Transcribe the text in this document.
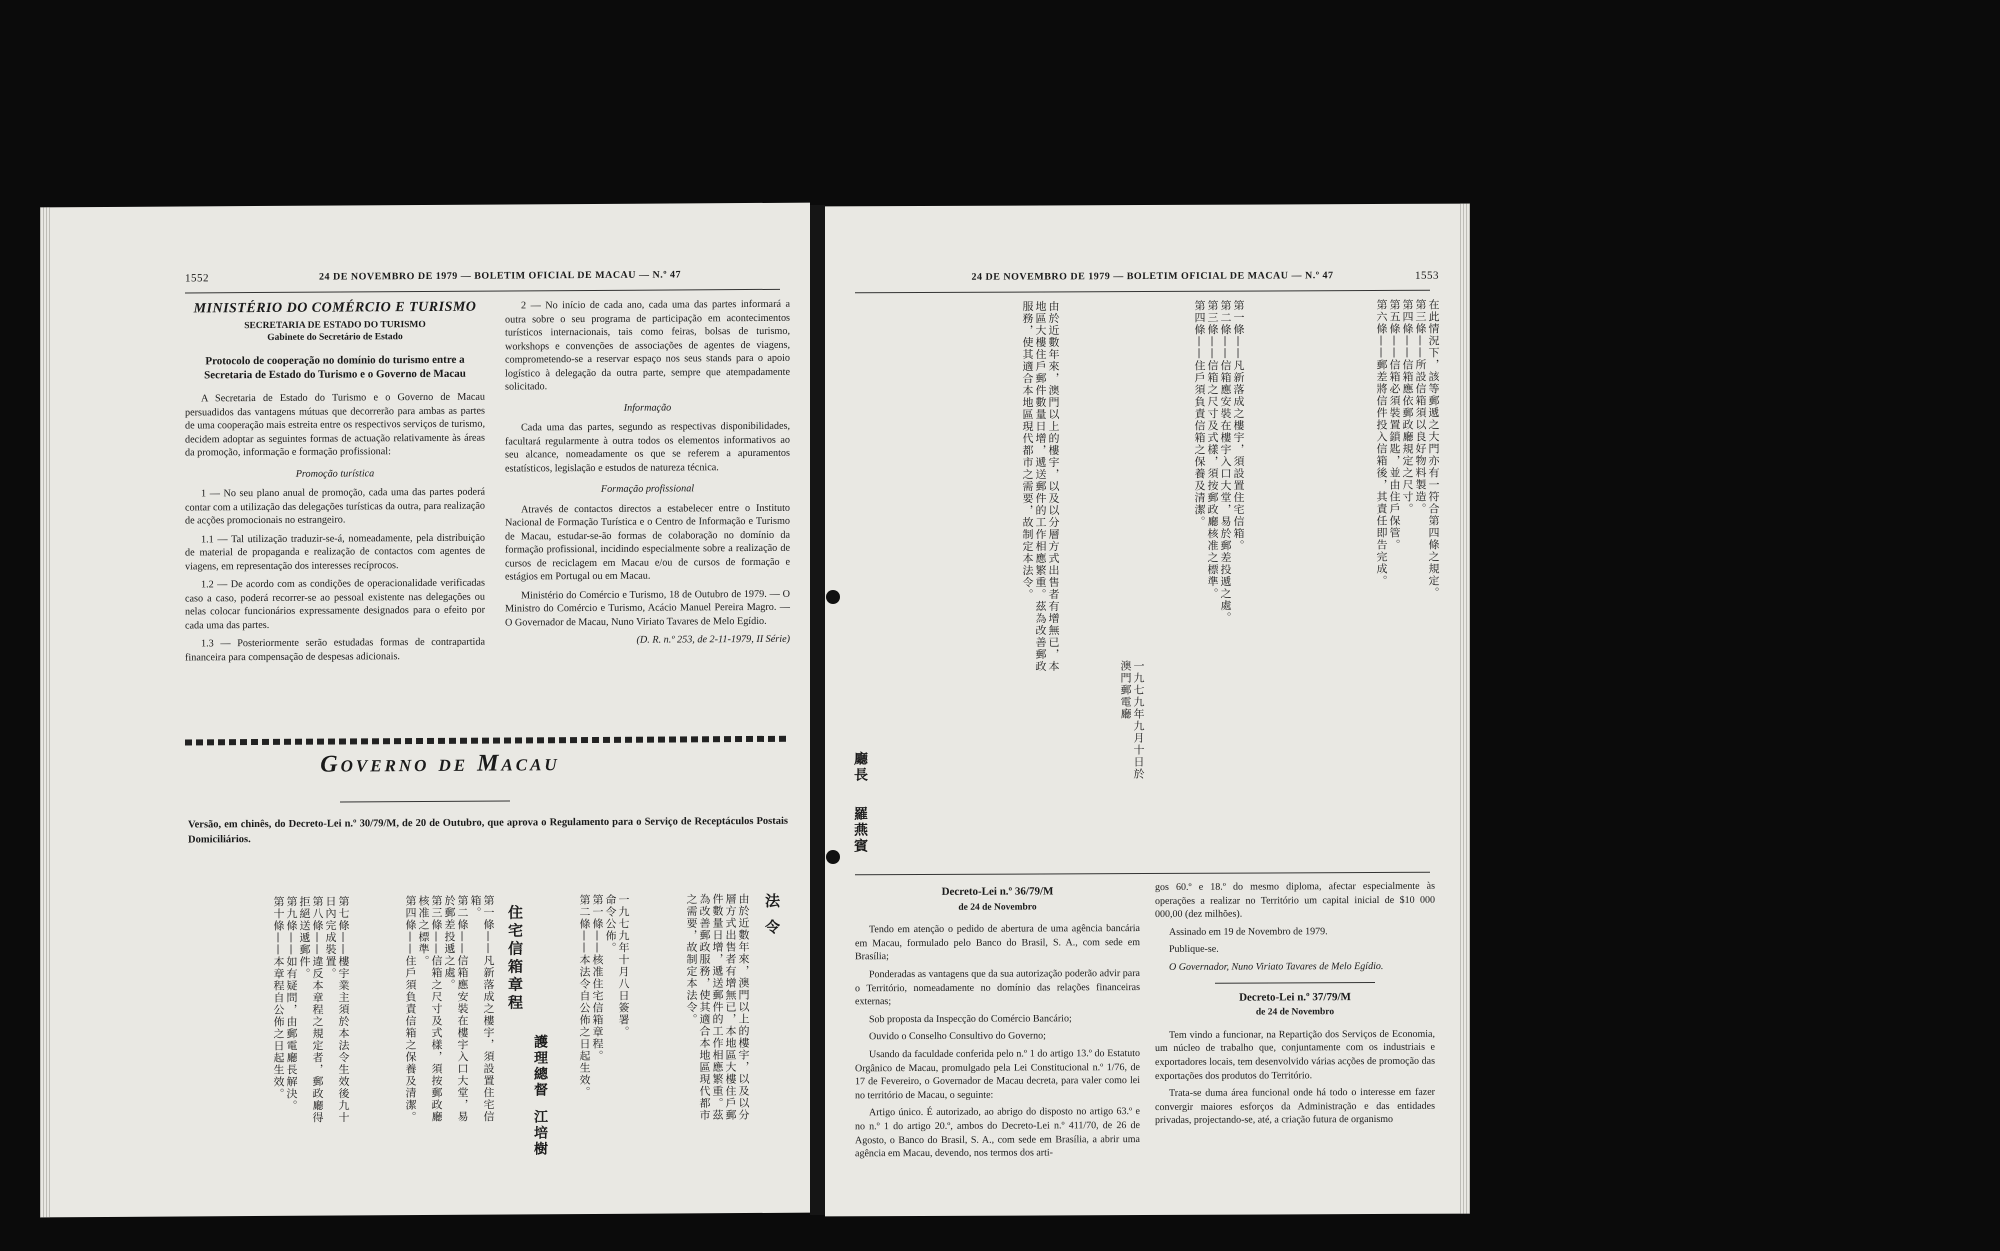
1552	24 DE NOVEMBRO DE 1979 — BOLETIM OFICIAL DE MACAU — N.º 47
MINISTÉRIO DO COMÉRCIO E TURISMO
SECRETARIA DE ESTADO DO TURISMO
Gabinete do Secretário de Estado
Protocolo de cooperação no domínio do turismo entre a Secretaria de Estado do Turismo e o Governo de Macau

A Secretaria de Estado do Turismo e o Governo de Macau persuadidos das vantagens mútuas que decorrerão para ambas as partes de uma cooperação mais estreita entre os respectivos serviços de turismo, decidem adoptar as seguintes formas de actuação relativamente às áreas da promoção, informação e formação profissional:

Promoção turística

1 — No seu plano anual de promoção, cada uma das partes poderá contar com a utilização das delegações turísticas da outra, para realização de acções promocionais no estrangeiro.

1.1 — Tal utilização traduzir-se-á, nomeadamente, pela distribuição de material de propaganda e realização de contactos com agentes de viagens, em representação dos interesses recíprocos.

1.2 — De acordo com as condições de operacionalidade verificadas caso a caso, poderá recorrer-se ao pessoal existente nas delegações ou nelas colocar funcionários expressamente designados para o efeito por cada uma das partes.

1.3 — Posteriormente serão estudadas formas de contrapartida financeira para compensação de despesas adicionais.

2 — No início de cada ano, cada uma das partes informará a outra sobre o seu programa de participação em acontecimentos turísticos internacionais, tais como feiras, bolsas de turismo, workshops e convenções de associações de agentes de viagens, comprometendo-se a reservar espaço nos seus stands para o apoio logístico à delegação da outra parte, sempre que atempadamente solicitado.

Informação

Cada uma das partes, segundo as respectivas disponibilidades, facultará regularmente à outra todos os elementos informativos ao seu alcance, nomeadamente os que se referem a apuramentos estatísticos, legislação e estudos de natureza técnica.

Formação profissional

Através de contactos directos a estabelecer entre o Instituto Nacional de Formação Turística e o Centro de Informação e Turismo de Macau, estudar-se-ão formas de colaboração no domínio da formação profissional, incidindo especialmente sobre a realização de cursos de reciclagem em Macau e/ou de cursos de formação e estágios em Portugal ou em Macau.

Ministério do Comércio e Turismo, 18 de Outubro de 1979. — O Ministro do Comércio e Turismo, Acácio Manuel Pereira Magro. — O Governador de Macau, Nuno Viriato Tavares de Melo Egídio.

(D. R. n.º 253, de 2-11-1979, II Série)

Governo de Macau
Versão, em chinês, do Decreto-Lei n.º 30/79/M, de 20 de Outubro, que aprova o Regulamento para o Serviço de Receptáculos Postais Domiciliários.
法 令
由於近數年來，澳門以上的樓宇，以及以分層方式出售者有增無已，本地區大樓住戶郵件數量日增，遞送郵件的工作相應繁重。茲為改善郵政服務，使其適合本地區現代都市之需要，故制定本法令。
一九七九年十月八日簽署。
命令公佈。
第一條——核准住宅信箱章程。
第二條——本法令自公佈之日起生效。
住宅信箱章程
第一條——凡新落成之樓宇，須設置住宅信箱。
第二條——信箱應安裝在樓宇入口大堂，易於郵差投遞之處。
第三條——信箱之尺寸及式樣，須按郵政廳核准之標準。
第四條——住戶須負責信箱之保養及清潔。	護理總督
江培樹
第七條——樓宇業主須於本法令生效後九十日內完成裝置。
第八條——違反本章程之規定者，郵政廳得拒絕送遞郵件。
第九條——如有疑問，由郵電廳長解決。
第十條——本章程自公佈之日起生效。
24 DE NOVEMBRO DE 1979 — BOLETIM OFICIAL DE MACAU — N.º 47	1553
在此情況下，該等郵遞之大門亦有一符合第四條之規定。
第三條——所設信箱須以良好物料製造。
第四條——信箱應依郵政廳規定之尺寸。
第五條——信箱必須裝置鎖匙，並由住戶保管。
第六條——郵差將信件投入信箱後，其責任即告完成。
第一條——凡新落成之樓宇，須設置住宅信箱。
第二條——信箱應安裝在樓宇入口大堂，易於郵差投遞之處。
第三條——信箱之尺寸及式樣，須按郵政廳核准之標準。
第四條——住戶須負責信箱之保養及清潔。
由於近數年來，澳門以上的樓宇，以及以分層方式出售者有增無已，本地區大樓住戶郵件數量日增，遞送郵件的工作相應繁重。茲為改善郵政服務，使其適合本地區現代都市之需要，故制定本法令。
一九七九年九月十日於澳門郵電廳
廳長
羅燕賓

Decreto-Lei n.º 36/79/M

de 24 de Novembro

Tendo em atenção o pedido de abertura de uma agência bancária em Macau, formulado pelo Banco do Brasil, S. A., com sede em Brasília;

Ponderadas as vantagens que da sua autorização poderão advir para o Território, nomeadamente no domínio das relações financeiras externas;

Sob proposta da Inspecção do Comércio Bancário;

Ouvido o Conselho Consultivo do Governo;

Usando da faculdade conferida pelo n.º 1 do artigo 13.º do Estatuto Orgânico de Macau, promulgado pela Lei Constitucional n.º 1/76, de 17 de Fevereiro, o Governador de Macau decreta, para valer como lei no território de Macau, o seguinte:

Artigo único. É autorizado, ao abrigo do disposto no artigo 63.º e no n.º 1 do artigo 20.º, ambos do Decreto-Lei n.º 411/70, de 26 de Agosto, o Banco do Brasil, S. A., com sede em Brasília, a abrir uma agência em Macau, devendo, nos termos dos arti-

gos 60.º e 18.º do mesmo diploma, afectar especialmente às operações a realizar no Território um capital inicial de $10 000 000,00 (dez milhões).

Assinado em 19 de Novembro de 1979.

Publique-se.

O Governador, Nuno Viriato Tavares de Melo Egídio.

Decreto-Lei n.º 37/79/M

de 24 de Novembro

Tem vindo a funcionar, na Repartição dos Serviços de Economia, um núcleo de trabalho que, conjuntamente com os industriais e exportadores locais, tem desenvolvido várias acções de promoção das exportações dos produtos do Território.

Trata-se duma área funcional onde há todo o interesse em fazer convergir maiores esforços da Administração e das entidades privadas, projectando-se, até, a criação futura de organismo
